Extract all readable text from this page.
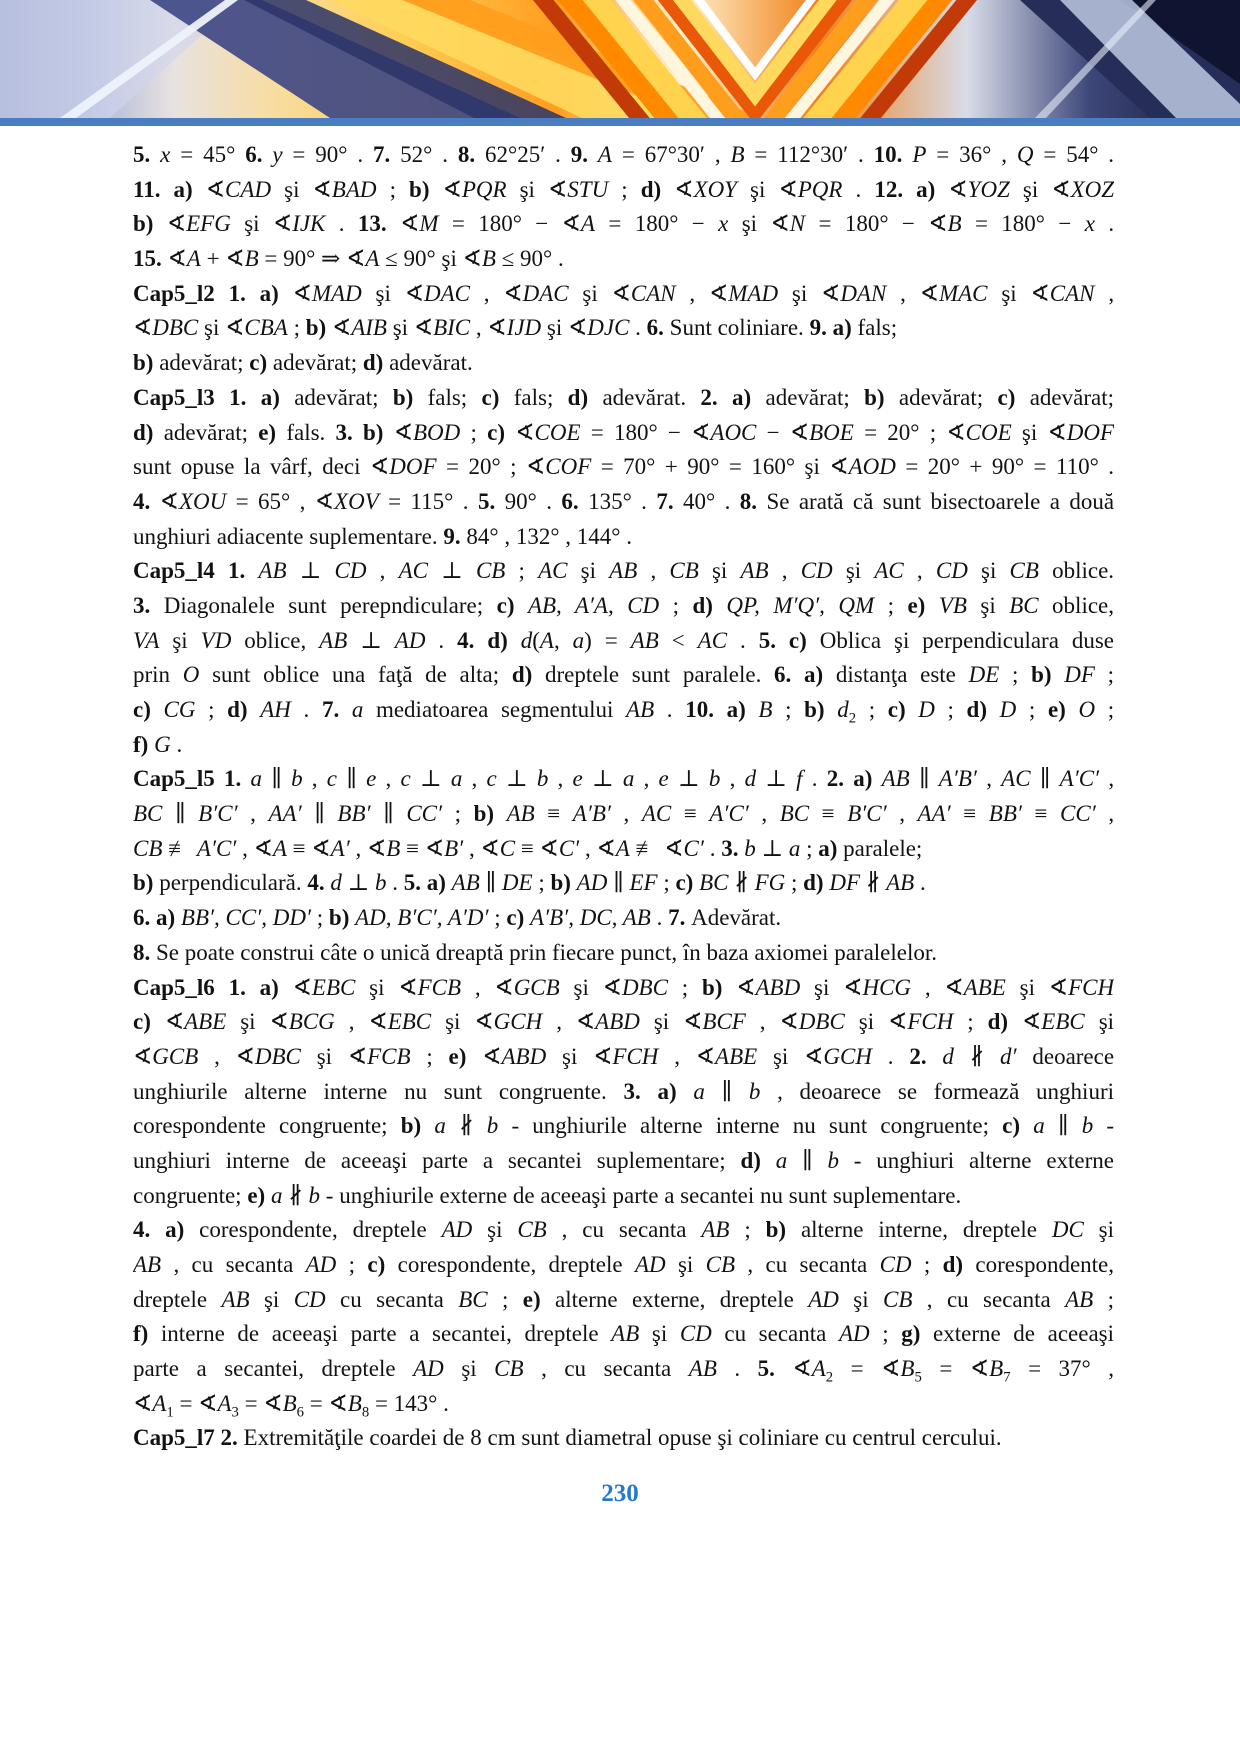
5. x = 45° 6. y = 90° . 7. 52° . 8. 62°25′ . 9. A = 67°30′ , B = 112°30′ . 10. P = 36° , Q = 54° .
11. a) ∢CAD şi ∢BAD ; b) ∢PQR şi ∢STU ; d) ∢XOY şi ∢PQR . 12. a) ∢YOZ şi ∢XOZ
b) ∢EFG şi ∢IJK . 13. ∢M = 180° − ∢A = 180° − x şi ∢N = 180° − ∢B = 180° − x .
15. ∢A + ∢B = 90° ⇒ ∢A ≤ 90° şi ∢B ≤ 90° .
Cap5_l2 1. a) ∢MAD şi ∢DAC , ∢DAC şi ∢CAN , ∢MAD şi ∢DAN , ∢MAC şi ∢CAN ,
∢DBC şi ∢CBA ; b) ∢AIB şi ∢BIC , ∢IJD şi ∢DJC . 6. Sunt coliniare. 9. a) fals;
b) adevărat; c) adevărat; d) adevărat.
Cap5_l3 1. a) adevărat; b) fals; c) fals; d) adevărat. 2. a) adevărat; b) adevărat; c) adevărat;
d) adevărat; e) fals. 3. b) ∢BOD ; c) ∢COE = 180° − ∢AOC − ∢BOE = 20° ; ∢COE şi ∢DOF
sunt opuse la vârf, deci ∢DOF = 20° ; ∢COF = 70° + 90° = 160° şi ∢AOD = 20° + 90° = 110° .
4. ∢XOU = 65° , ∢XOV = 115° . 5. 90° . 6. 135° . 7. 40° . 8. Se arată că sunt bisectoarele a două
unghiuri adiacente suplementare. 9. 84° , 132° , 144° .
Cap5_l4 1. AB ⊥ CD , AC ⊥ CB ; AC şi AB , CB şi AB , CD şi AC , CD şi CB oblice.
3. Diagonalele sunt perepndiculare; c) AB, A′A, CD ; d) QP, M′Q′, QM ; e) VB şi BC oblice,
VA şi VD oblice, AB ⊥ AD . 4. d) d(A, a) = AB < AC . 5. c) Oblica şi perpendiculara duse
prin O sunt oblice una faţă de alta; d) dreptele sunt paralele. 6. a) distanţa este DE ; b) DF ;
c) CG ; d) AH . 7. a mediatoarea segmentului AB . 10. a) B ; b) $d_2$ ; c) D ; d) D ; e) O ;
f) G .
Cap5_l5 1. a ∥ b , c ∥ e , c ⊥ a , c ⊥ b , e ⊥ a , e ⊥ b , d ⊥ f . 2. a) AB ∥ A′B′ , AC ∥ A′C′ ,
BC ∥ B′C′ , AA′ ∥ BB′ ∥ CC′ ; b) AB ≡ A′B′ , AC ≡ A′C′ , BC ≡ B′C′ , AA′ ≡ BB′ ≡ CC′ ,
CB ≢ A′C′ , ∢A ≡ ∢A′ , ∢B ≡ ∢B′ , ∢C ≡ ∢C′ , ∢A ≢ ∢C′ . 3. b ⊥ a ; a) paralele;
b) perpendiculară. 4. d ⊥ b . 5. a) AB ∥ DE ; b) AD ∥ EF ; c) BC ∦ FG ; d) DF ∦ AB .
6. a) BB′, CC′, DD′ ; b) AD, B′C′, A′D′ ; c) A′B′, DC, AB . 7. Adevărat.
8. Se poate construi câte o unică dreaptă prin fiecare punct, în baza axiomei paralelelor.
Cap5_l6 1. a) ∢EBC şi ∢FCB , ∢GCB şi ∢DBC ; b) ∢ABD şi ∢HCG , ∢ABE şi ∢FCH
c) ∢ABE şi ∢BCG , ∢EBC şi ∢GCH , ∢ABD şi ∢BCF , ∢DBC şi ∢FCH ; d) ∢EBC şi
∢GCB , ∢DBC şi ∢FCB ; e) ∢ABD şi ∢FCH , ∢ABE şi ∢GCH . 2. d ∦ d′ deoarece
unghiurile alterne interne nu sunt congruente. 3. a) a ∥ b , deoarece se formează unghiuri
corespondente congruente; b) a ∦ b - unghiurile alterne interne nu sunt congruente; c) a ∥ b -
unghiuri interne de aceeaşi parte a secantei suplementare; d) a ∥ b - unghiuri alterne externe
congruente; e) a ∦ b - unghiurile externe de aceeaşi parte a secantei nu sunt suplementare.
4. a) corespondente, dreptele AD şi CB , cu secanta AB ; b) alterne interne, dreptele DC şi
AB , cu secanta AD ; c) corespondente, dreptele AD şi CB , cu secanta CD ; d) corespondente,
dreptele AB şi CD cu secanta BC ; e) alterne externe, dreptele AD şi CB , cu secanta AB ;
f) interne de aceeaşi parte a secantei, dreptele AB şi CD cu secanta AD ; g) externe de aceeaşi
parte a secantei, dreptele AD şi CB , cu secanta AB . 5. $∢A_2$ = $∢B_5$ = $∢B_7 = 37^\circ$ ,
$∢A_1$ = $∢A_3$ = $∢B_6$ = $∢B_8 = 143^\circ$ .
Cap5_l7 2. Extremităţile coardei de 8 cm sunt diametral opuse şi coliniare cu centrul cercului.
230
